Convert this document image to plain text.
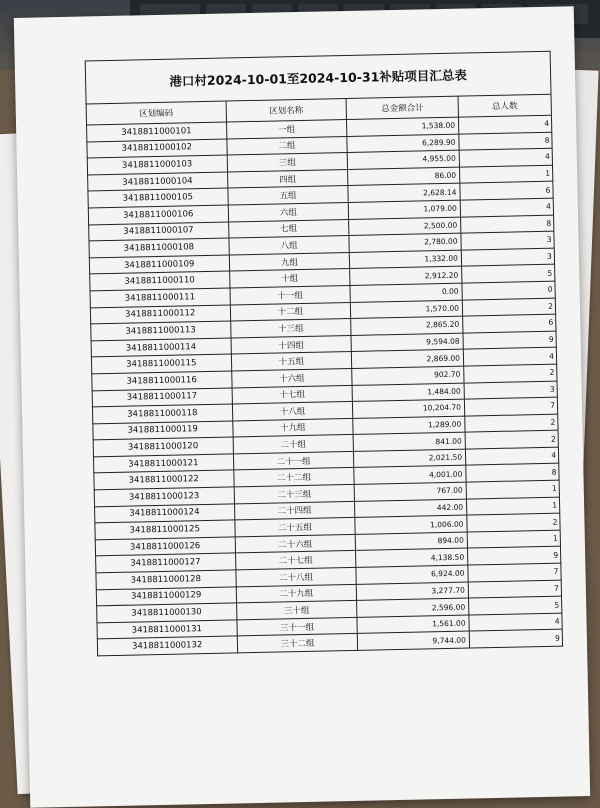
港口村2024-10-01至2024-10-31补贴项目汇总表			
区划编码	区划名称	总金额合计	总人数
3418811000101	一组	1,538.00	4
3418811000102	二组	6,289.90	8
3418811000103	三组	4,955.00	4
3418811000104	四组	86.00	1
3418811000105	五组	2,628.14	6
3418811000106	六组	1,079.00	4
3418811000107	七组	2,500.00	8
3418811000108	八组	2,780.00	3
3418811000109	九组	1,332.00	3
3418811000110	十组	2,912.20	5
3418811000111	十一组	0.00	0
3418811000112	十二组	1,570.00	2
3418811000113	十三组	2,865.20	6
3418811000114	十四组	9,594.08	9
3418811000115	十五组	2,869.00	4
3418811000116	十六组	902.70	2
3418811000117	十七组	1,484.00	3
3418811000118	十八组	10,204.70	7
3418811000119	十九组	1,289.00	2
3418811000120	二十组	841.00	2
3418811000121	二十一组	2,021.50	4
3418811000122	二十二组	4,001.00	8
3418811000123	二十三组	767.00	1
3418811000124	二十四组	442.00	1
3418811000125	二十五组	1,006.00	2
3418811000126	二十六组	894.00	1
3418811000127	二十七组	4,138.50	9
3418811000128	二十八组	6,924.00	7
3418811000129	二十九组	3,277.70	7
3418811000130	三十组	2,596.00	5
3418811000131	三十一组	1,561.00	4
3418811000132	三十二组	9,744.00	9
